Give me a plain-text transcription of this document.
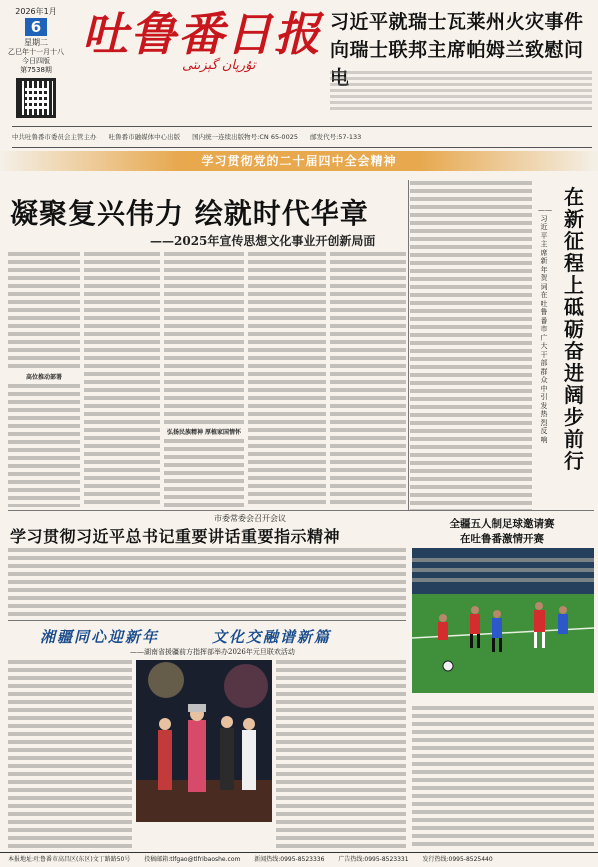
2026年1月
6
星期二
乙巳年十一月十八
今日四版
第7538期
吐鲁番日报
تۇرپان گېزىتى
习近平就瑞士瓦莱州火灾事件
向瑞士联邦主席帕姆兰致慰问电
中共吐鲁番市委员会主管主办 吐鲁番市融媒体中心出版 国内统一连续出版物号:CN 65-0025 邮发代号:57-133
学习贯彻党的二十届四中全会精神
凝聚复兴伟力 绘就时代华章
——2025年宣传思想文化事业开创新局面
高位推动部署
弘扬民族精神 厚植家国情怀
——习近平主席新年贺词在吐鲁番市广大干部群众中引发热烈反响
在新征程上砥砺奋进 阔步前行
市委常委会召开会议
学习贯彻习近平总书记重要讲话重要指示精神
全疆五人制足球邀请赛
在吐鲁番激情开赛
湘疆同心迎新年	文化交融谱新篇
——湖南省援疆前方指挥部举办2026年元旦联欢活动
本报地址:吐鲁番市高昌区(东区)文丁路路50号 投稿邮箱:tlfgao@tlfribaoshe.com 新闻热线:0995-8523336 广告热线:0995-8523331 发行热线:0995-8525440
